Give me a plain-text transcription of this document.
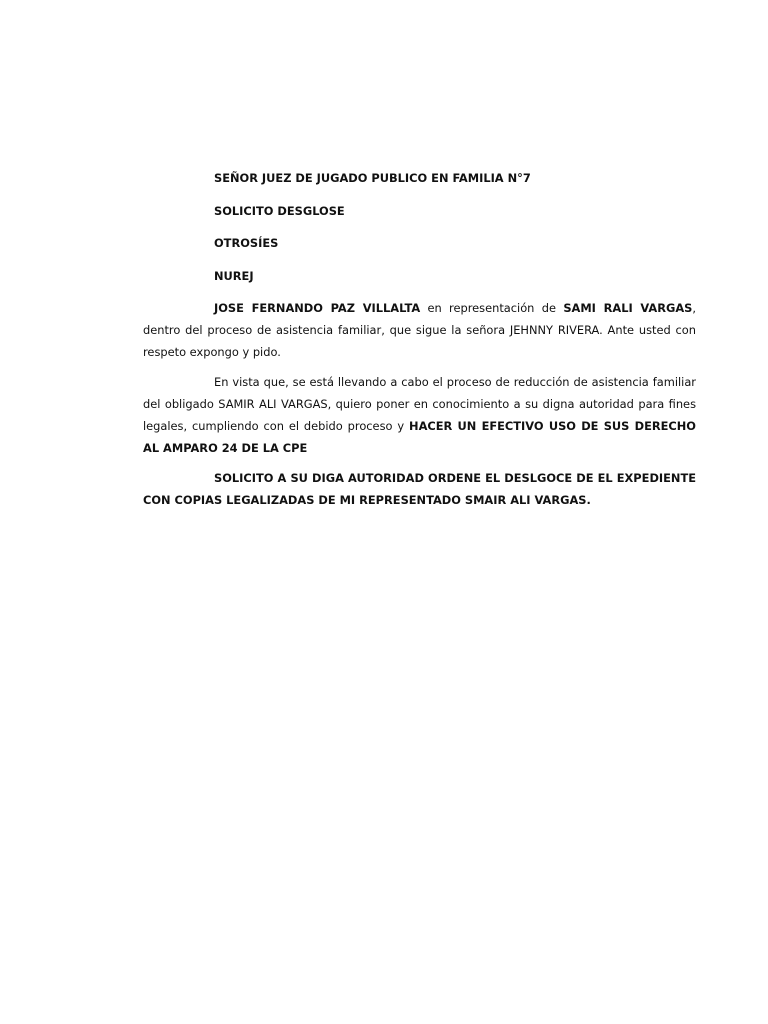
SEÑOR JUEZ DE JUGADO PUBLICO EN FAMILIA N°7

SOLICITO DESGLOSE

OTROSÍES

NUREJ

JOSE FERNANDO PAZ VILLALTA en representación de SAMI RALI VARGAS, dentro del proceso de asistencia familiar, que sigue la señora JEHNNY RIVERA. Ante usted con respeto expongo y pido.

En vista que, se está llevando a cabo el proceso de reducción de asistencia familiar del obligado SAMIR ALI VARGAS, quiero poner en conocimiento a su digna autoridad para fines legales, cumpliendo con el debido proceso y HACER UN EFECTIVO USO DE SUS DERECHO AL AMPARO 24 DE LA CPE

SOLICITO A SU DIGA AUTORIDAD ORDENE EL DESLGOCE DE EL EXPEDIENTE CON COPIAS LEGALIZADAS DE MI REPRESENTADO SMAIR ALI VARGAS.
